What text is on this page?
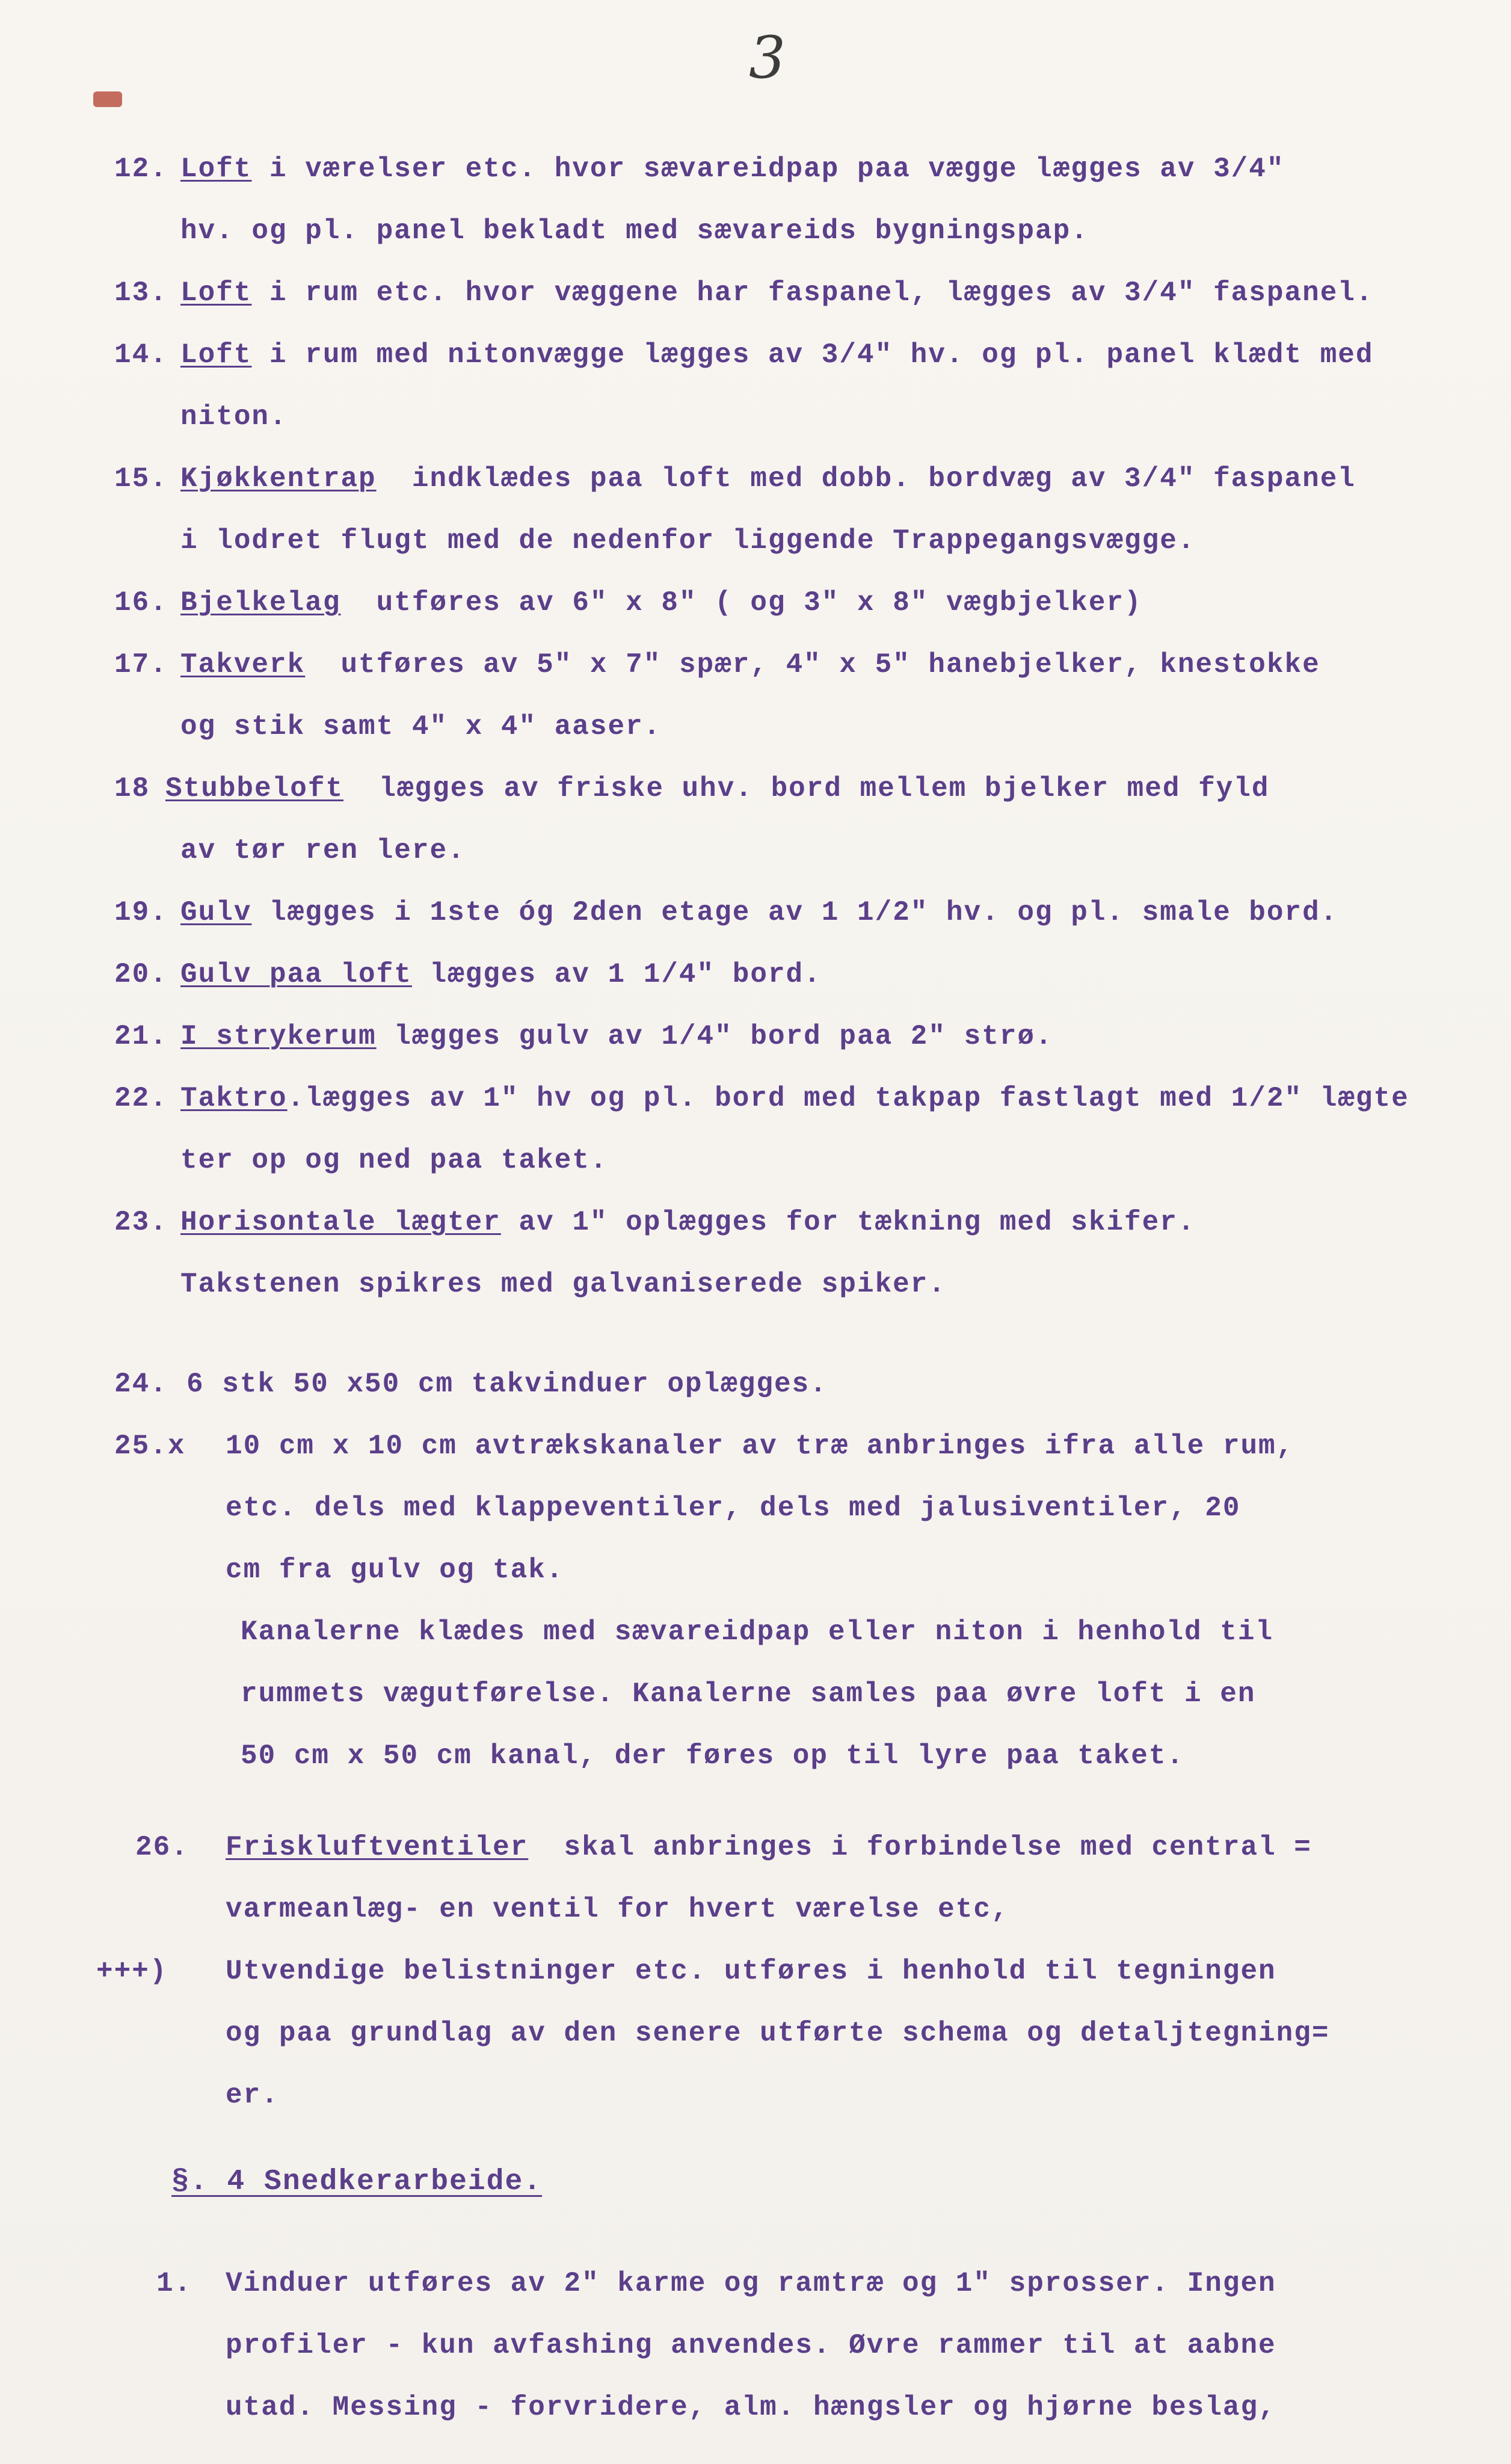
3
12. Loft i værelser etc. hvor sævareidpap paa vægge lægges av 3/4"
hv. og pl. panel bekladt med sævareids bygningspap.
13. Loft i rum etc. hvor væggene har faspanel, lægges av 3/4" faspanel.
14. Loft i rum med nitonvægge lægges av 3/4" hv. og pl. panel klædt med
niton.
15. Kjøkkentrap indklædes paa loft med dobb. bordvæg av 3/4" faspanel
i lodret flugt med de nedenfor liggende Trappegangsvægge.
16. Bjelkelag utføres av 6" x 8" ( og 3" x 8" vægbjelker)
17. Takverk utføres av 5" x 7" spær, 4" x 5" hanebjelker, knestokke
og stik samt 4" x 4" aaser.
18 Stubbeloft lægges av friske uhv. bord mellem bjelker med fyld
av tør ren lere.
19. Gulv lægges i 1ste óg 2den etage av 1 1/2" hv. og pl. smale bord.
20. Gulv paa loft lægges av 1 1/4" bord.
21. I strykerum lægges gulv av 1/4" bord paa 2" strø.
22. Taktro.lægges av 1" hv og pl. bord med takpap fastlagt med 1/2" lægte
ter op og ned paa taket.
23. Horisontale lægter av 1" oplægges for tækning med skifer.
Takstenen spikres med galvaniserede spiker.
24. 6 stk 50 x50 cm takvinduer oplægges.
25.x 10 cm x 10 cm avtrækskanaler av træ anbringes ifra alle rum,
etc. dels med klappeventiler, dels med jalusiventiler, 20
cm fra gulv og tak.
Kanalerne klædes med sævareidpap eller niton i henhold til
rummets vægutførelse. Kanalerne samles paa øvre loft i en
50 cm x 50 cm kanal, der føres op til lyre paa taket.
26. Friskluftventiler skal anbringes i forbindelse med central =
varmeanlæg- en ventil for hvert værelse etc,
+++) Utvendige belistninger etc. utføres i henhold til tegningen
og paa grundlag av den senere utførte schema og detaljtegning=
er.
§. 4 Snedkerarbeide.
1. Vinduer utføres av 2" karme og ramtræ og 1" sprosser. Ingen
profiler - kun avfashing anvendes. Øvre rammer til at aabne
utad. Messing - forvridere, alm. hængsler og hjørne beslag,
